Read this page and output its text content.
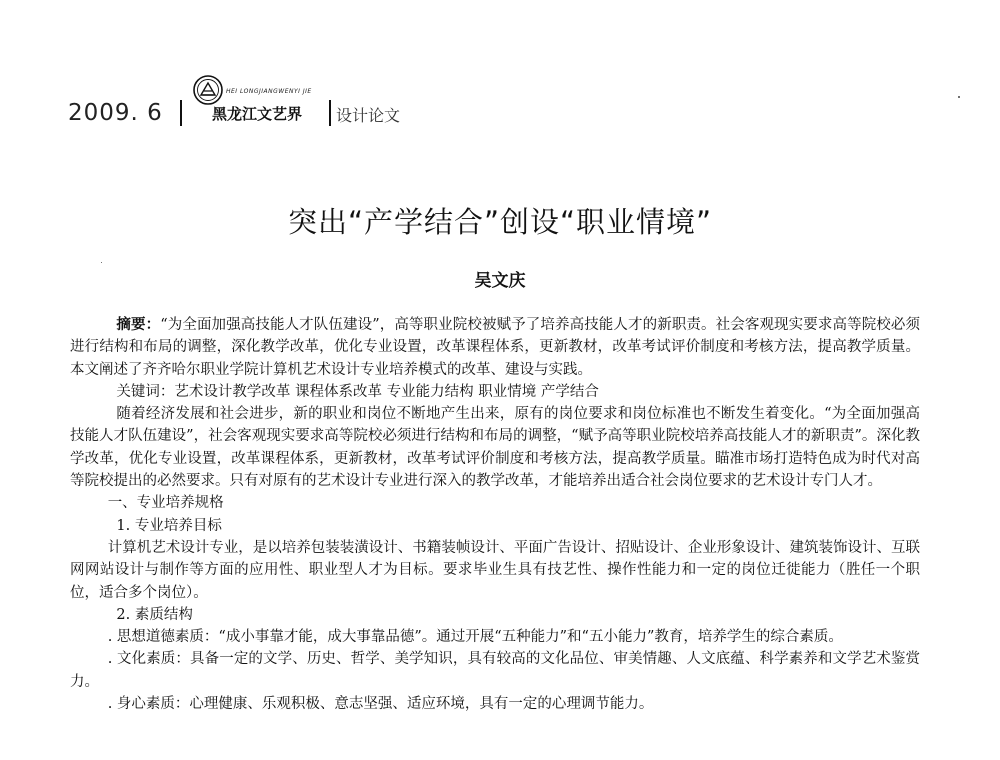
2009. 6
HEI LONGJIANGWENYI JIE
黑龙江文艺界 设计论文
突出“产学结合”创设“职业情境”
吴文庆

摘要：“为全面加强高技能人才队伍建设”，高等职业院校被赋予了培养高技能人才的新职责。社会客观现实要求高等院校必须进行结构和布局的调整，深化教学改革，优化专业设置，改革课程体系，更新教材，改革考试评价制度和考核方法，提高教学质量。本文阐述了齐齐哈尔职业学院计算机艺术设计专业培养模式的改革、建设与实践。

关键词：艺术设计教学改革 课程体系改革 专业能力结构 职业情境 产学结合

随着经济发展和社会进步，新的职业和岗位不断地产生出来，原有的岗位要求和岗位标准也不断发生着变化。“为全面加强高技能人才队伍建设”，社会客观现实要求高等院校必须进行结构和布局的调整，“赋予高等职业院校培养高技能人才的新职责”。深化教学改革，优化专业设置，改革课程体系，更新教材，改革考试评价制度和考核方法，提高教学质量。瞄准市场打造特色成为时代对高等院校提出的必然要求。只有对原有的艺术设计专业进行深入的教学改革，才能培养出适合社会岗位要求的艺术设计专门人才。

一、专业培养规格

1. 专业培养目标

计算机艺术设计专业，是以培养包装装潢设计、书籍装帧设计、平面广告设计、招贴设计、企业形象设计、建筑装饰设计、互联网网站设计与制作等方面的应用性、职业型人才为目标。要求毕业生具有技艺性、操作性能力和一定的岗位迁徙能力（胜任一个职位，适合多个岗位）。

2. 素质结构

. 思想道德素质：“成小事靠才能，成大事靠品德”。通过开展“五种能力”和“五小能力”教育，培养学生的综合素质。

. 文化素质：具备一定的文学、历史、哲学、美学知识，具有较高的文化品位、审美情趣、人文底蕴、科学素养和文学艺术鉴赏力。

. 身心素质：心理健康、乐观积极、意志坚强、适应环境，具有一定的心理调节能力。
